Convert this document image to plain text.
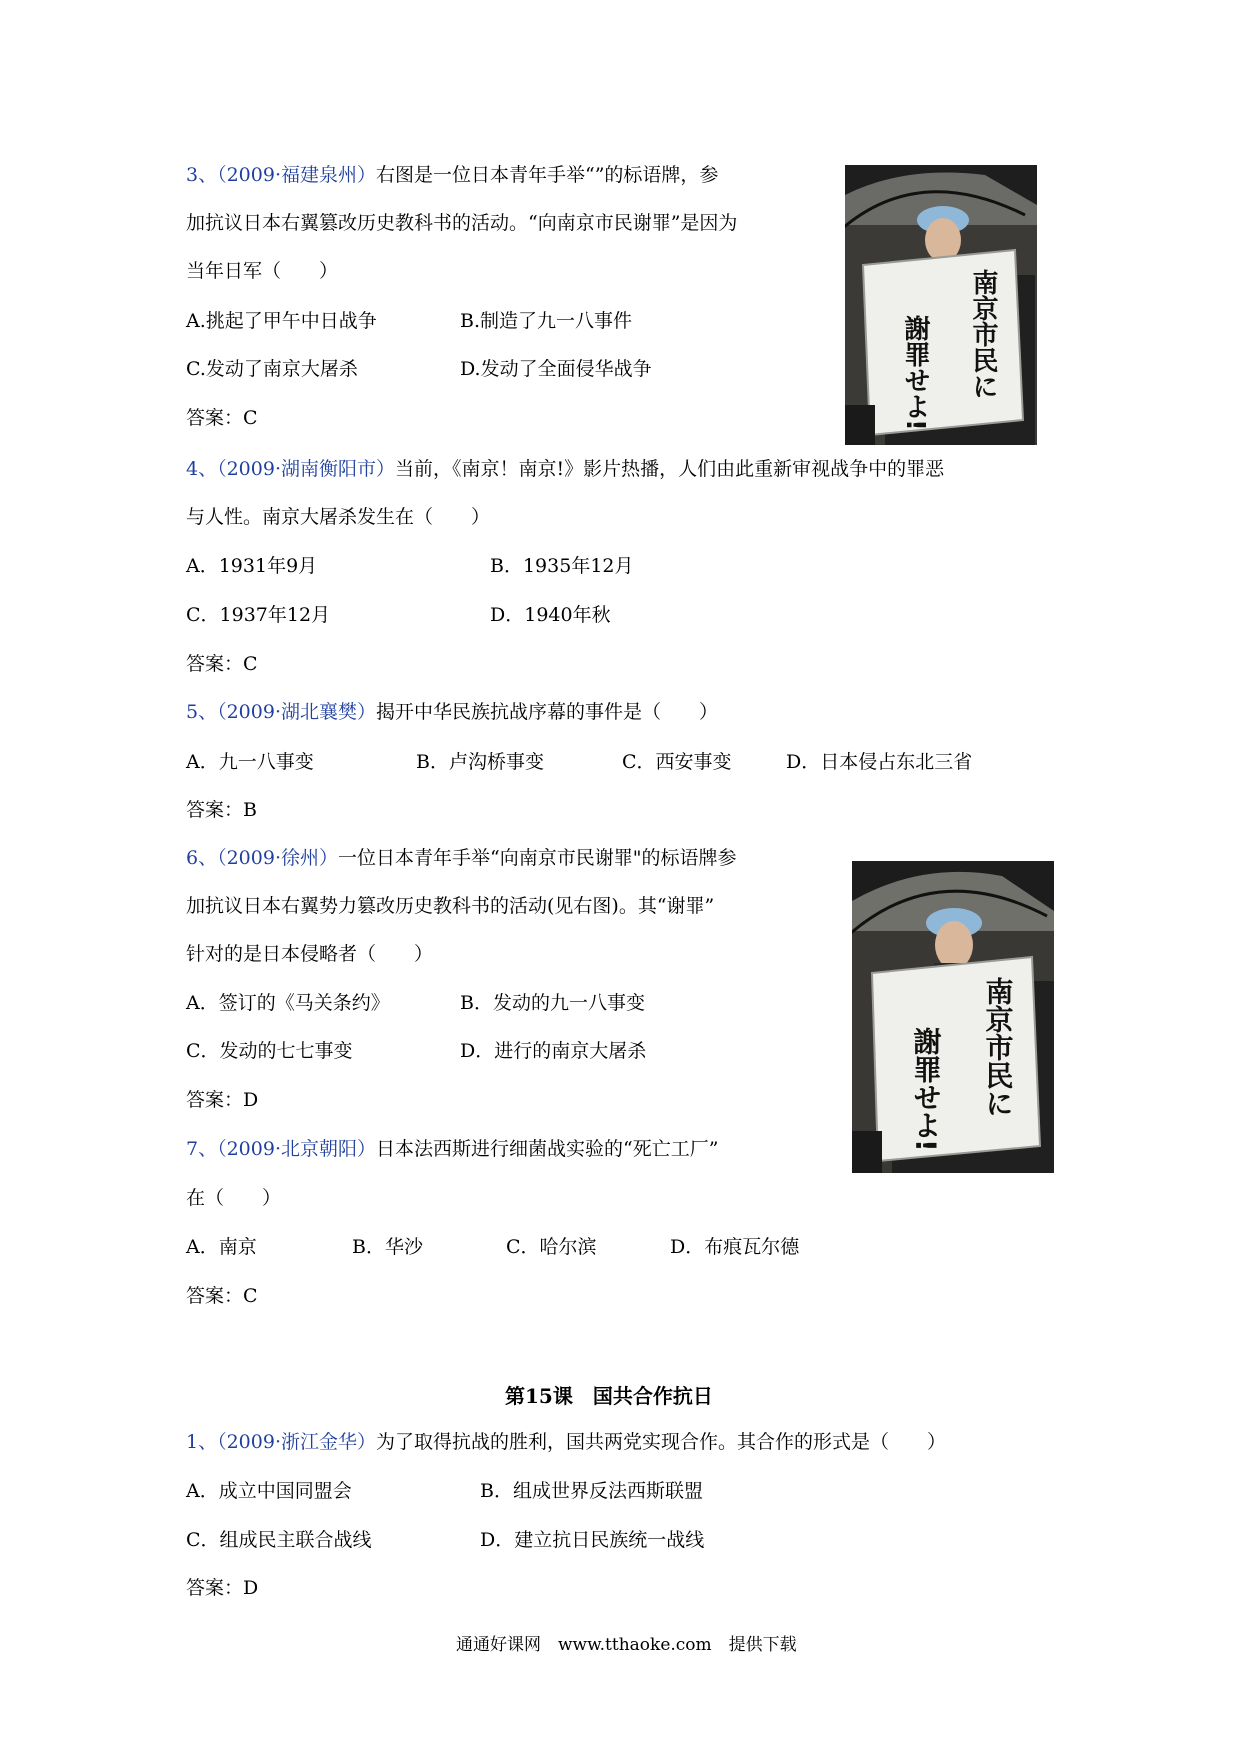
3、（2009·福建泉州）右图是一位日本青年手举“”的标语牌，参
加抗议日本右翼篡改历史教科书的活动。“向南京市民谢罪”是因为
当年日军（　　）
A.挑起了甲午中日战争	B.制造了九一八事件
C.发动了南京大屠杀	D.发动了全面侵华战争
答案：C
南京市民に
謝罪せよ!
4、（2009·湖南衡阳市）当前，《南京！南京!》影片热播，人们由此重新审视战争中的罪恶
与人性。南京大屠杀发生在（　　）
A．1931年9月	B．1935年12月
C．1937年12月	D．1940年秋
答案：C
5、（2009·湖北襄樊）揭开中华民族抗战序幕的事件是（　　）
A．九一八事变	B．卢沟桥事变	C．西安事变	D．日本侵占东北三省
答案：B
6、（2009·徐州）一位日本青年手举“向南京市民谢罪"的标语牌参
加抗议日本右翼势力篡改历史教科书的活动(见右图)。其“谢罪”
针对的是日本侵略者（　　）
A．签订的《马关条约》	B．发动的九一八事变
C．发动的七七事变	D．进行的南京大屠杀
答案：D	南京市民に
謝罪せよ!
7、（2009·北京朝阳）日本法西斯进行细菌战实验的“死亡工厂”
在（　　）
A．南京	B．华沙	C．哈尔滨	D．布痕瓦尔德
答案：C
第15课　国共合作抗日
1、（2009·浙江金华）为了取得抗战的胜利，国共两党实现合作。其合作的形式是（　　）
A．成立中国同盟会	B．组成世界反法西斯联盟
C．组成民主联合战线	D．建立抗日民族统一战线
答案：D
通通好课网　www.tthaoke.com　提供下载
